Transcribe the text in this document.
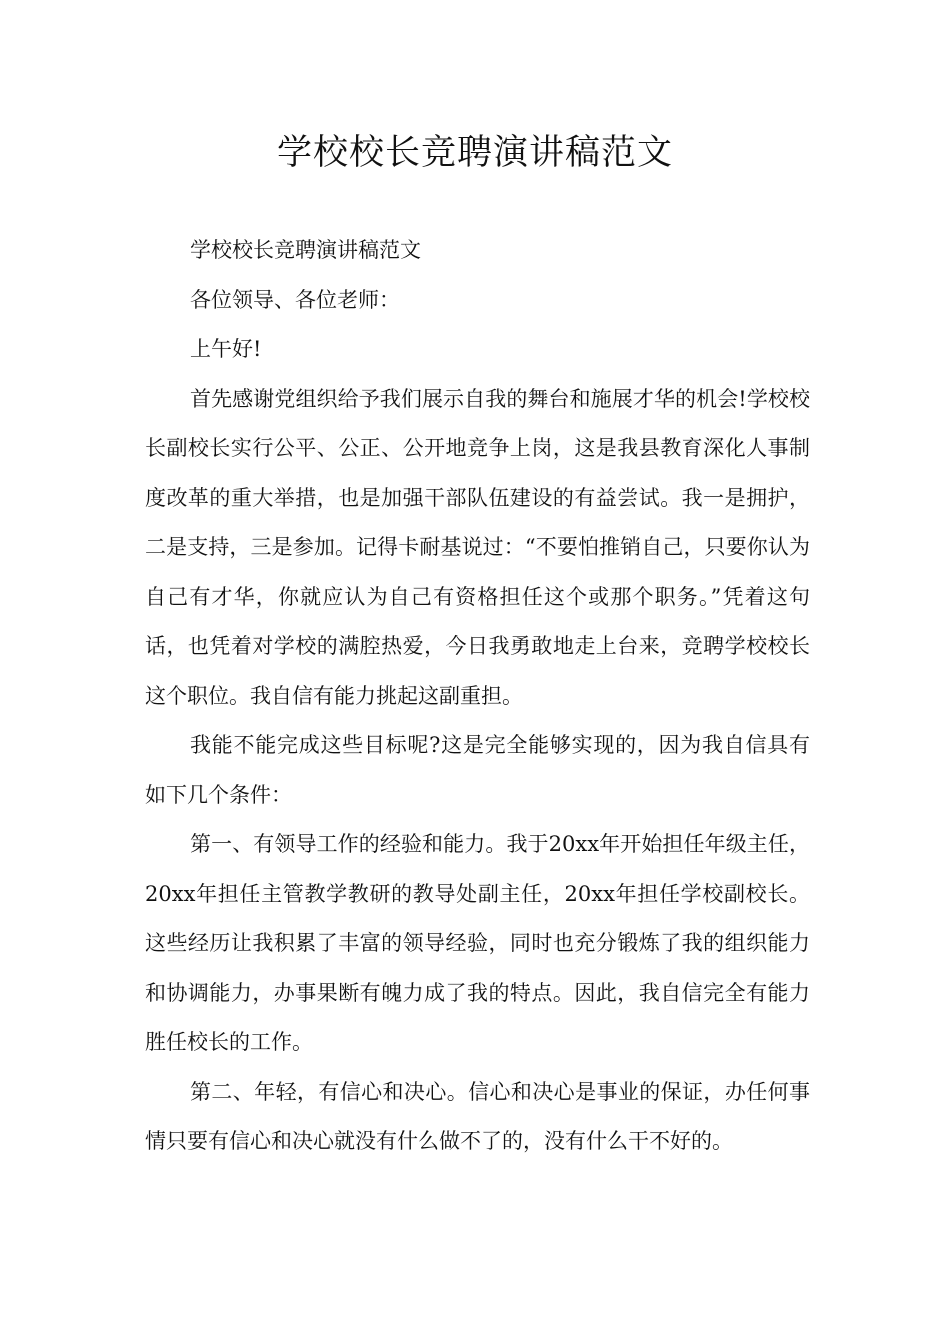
学校校长竞聘演讲稿范文

学校校长竞聘演讲稿范文

各位领导、各位老师：

上午好!

首先感谢党组织给予我们展示自我的舞台和施展才华的机会!学校校长副校长实行公平、公正、公开地竞争上岗，这是我县教育深化人事制度改革的重大举措，也是加强干部队伍建设的有益尝试。我一是拥护，二是支持，三是参加。记得卡耐基说过：“不要怕推销自己，只要你认为自己有才华，你就应认为自己有资格担任这个或那个职务。”凭着这句话，也凭着对学校的满腔热爱，今日我勇敢地走上台来，竞聘学校校长这个职位。我自信有能力挑起这副重担。

我能不能完成这些目标呢?这是完全能够实现的，因为我自信具有如下几个条件：

第一、有领导工作的经验和能力。我于20xx年开始担任年级主任，20xx年担任主管教学教研的教导处副主任，20xx年担任学校副校长。这些经历让我积累了丰富的领导经验，同时也充分锻炼了我的组织能力和协调能力，办事果断有魄力成了我的特点。因此，我自信完全有能力胜任校长的工作。

第二、年轻，有信心和决心。信心和决心是事业的保证，办任何事情只要有信心和决心就没有什么做不了的，没有什么干不好的。
